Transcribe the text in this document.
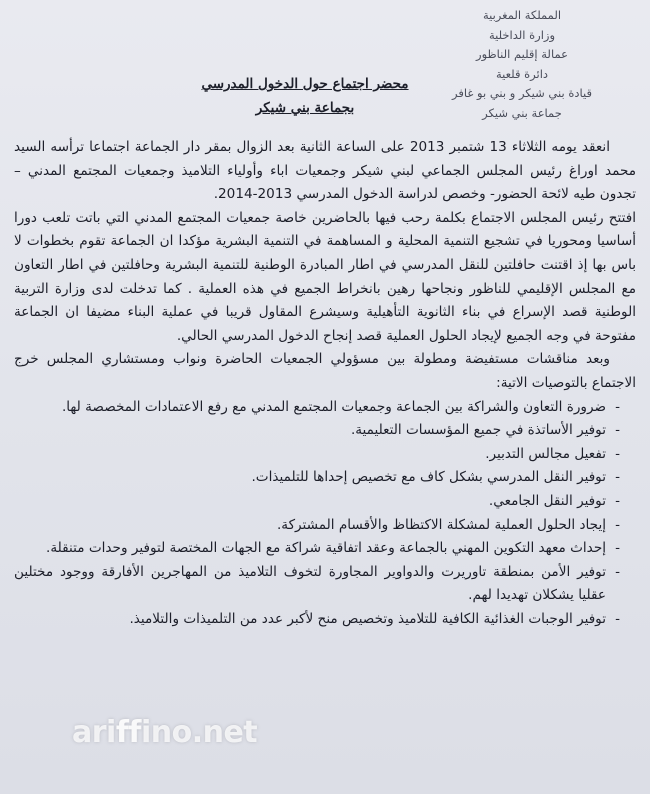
المملكة المغربية
وزارة الداخلية
عمالة إقليم الناظور
دائرة قلعية
قيادة بني شيكر و بني بو غافر
جماعة بني شيكر
محضر اجتماع حول الدخول المدرسي
بجماعة بني شيكر

انعقد يومه الثلاثاء 13 شتمبر 2013 على الساعة الثانية بعد الزوال بمقر دار الجماعة اجتماعا ترأسه السيد محمد اوراغ رئيس المجلس الجماعي لبني شيكر وجمعيات اباء وأولياء التلاميذ وجمعيات المجتمع المدني – تجدون طيه لائحة الحضور- وخصص لدراسة الدخول المدرسي 2013-2014.

افتتح رئيس المجلس الاجتماع بكلمة رحب فيها بالحاضرين خاصة جمعيات المجتمع المدني التي باتت تلعب دورا أساسيا ومحوريا في تشجيع التنمية المحلية و المساهمة في التنمية البشرية مؤكدا ان الجماعة تقوم بخطوات لا باس بها إذ اقتنت حافلتين للنقل المدرسي في اطار المبادرة الوطنية للتنمية البشرية وحافلتين في اطار التعاون مع المجلس الإقليمي للناظور ونجاحها رهين بانخراط الجميع في هذه العملية . كما تدخلت لدى وزارة التربية الوطنية قصد الإسراع في بناء الثانوية التأهيلية وسيشرع المقاول قريبا في عملية البناء مضيفا ان الجماعة مفتوحة في وجه الجميع لإيجاد الحلول العملية قصد إنجاح الدخول المدرسي الحالي.

وبعد مناقشات مستفيضة ومطولة بين مسؤولي الجمعيات الحاضرة ونواب ومستشاري المجلس خرج الاجتماع بالتوصيات الاتية:

-ضرورة التعاون والشراكة بين الجماعة وجمعيات المجتمع المدني مع رفع الاعتمادات المخصصة لها.
-توفير الأساتذة في جميع المؤسسات التعليمية.
-تفعيل مجالس التدبير.
-توفير النقل المدرسي بشكل كاف مع تخصيص إحداها للتلميذات.
-توفير النقل الجامعي.
-إيجاد الحلول العملية لمشكلة الاكتظاظ والأقسام المشتركة.
-إحداث معهد التكوين المهني بالجماعة وعقد اتفاقية شراكة مع الجهات المختصة لتوفير وحدات متنقلة.
-توفير الأمن بمنطقة تاوريرت والدواوير المجاورة لتخوف التلاميذ من المهاجرين الأفارقة ووجود مختلين عقليا يشكلان تهديدا لهم.
-توفير الوجبات الغذائية الكافية للتلاميذ وتخصيص منح لأكبر عدد من التلميذات والتلاميذ.
ariffino.net
